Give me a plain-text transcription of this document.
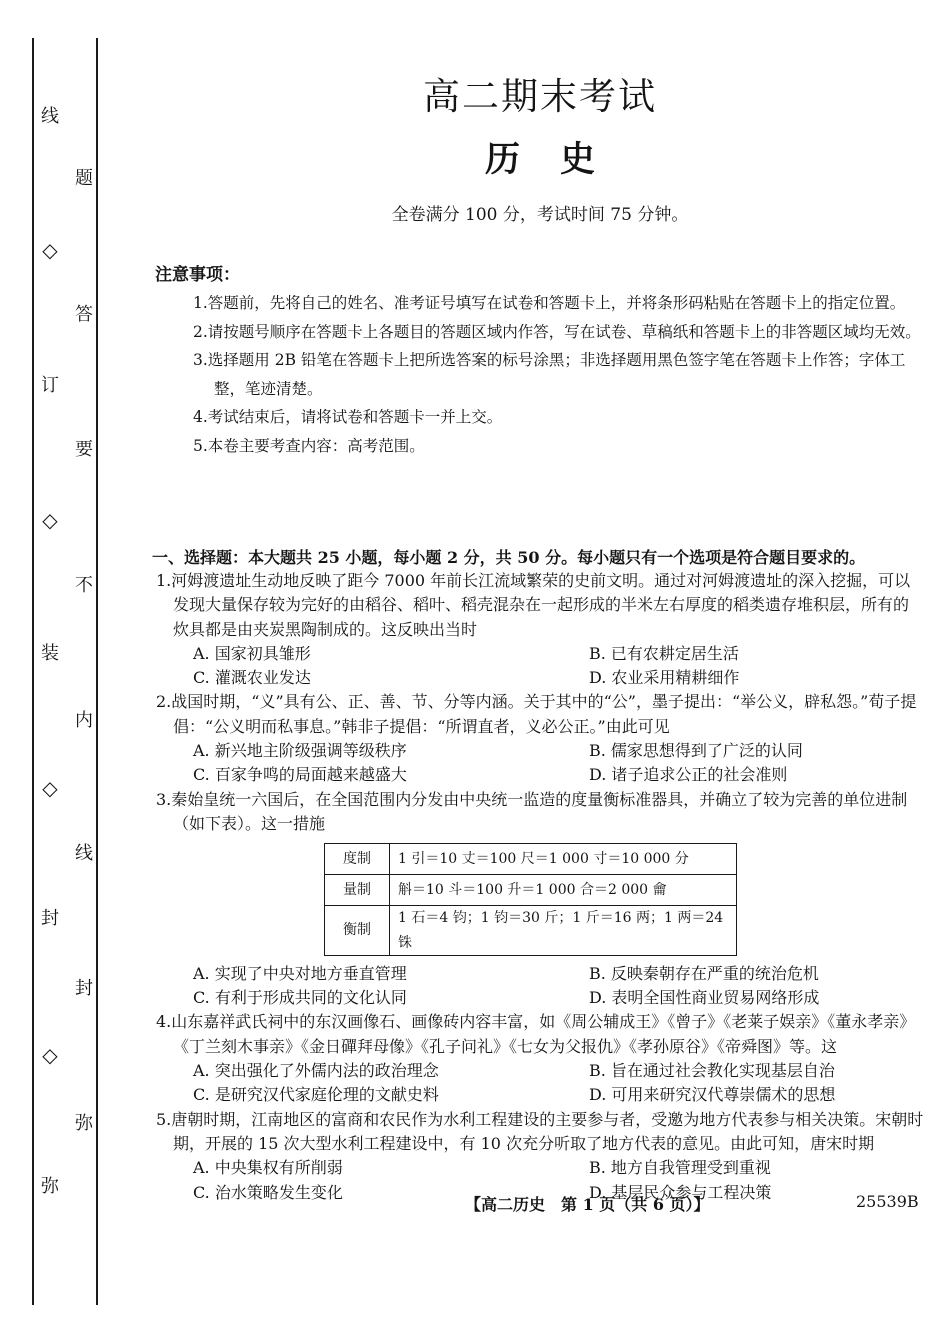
线
◇
订
◇
装
◇
封
◇
弥
题
答
要
不
内
线
封
弥
高二期末考试
历史
全卷满分 100 分，考试时间 75 分钟。
注意事项：

1.答题前，先将自己的姓名、准考证号填写在试卷和答题卡上，并将条形码粘贴在答题卡上的指定位置。

2.请按题号顺序在答题卡上各题目的答题区域内作答，写在试卷、草稿纸和答题卡上的非答题区域均无效。

3.选择题用 2B 铅笔在答题卡上把所选答案的标号涂黑；非选择题用黑色签字笔在答题卡上作答；字体工整，笔迹清楚。

4.考试结束后，请将试卷和答题卡一并上交。

5.本卷主要考查内容：高考范围。

一、选择题：本大题共 25 小题，每小题 2 分，共 50 分。每小题只有一个选项是符合题目要求的。

1.河姆渡遗址生动地反映了距今 7000 年前长江流域繁荣的史前文明。通过对河姆渡遗址的深入挖掘，可以发现大量保存较为完好的由稻谷、稻叶、稻壳混杂在一起形成的半米左右厚度的稻类遗存堆积层，所有的炊具都是由夹炭黑陶制成的。这反映出当时

A. 国家初具雏形	B. 已有农耕定居生活

C. 灌溉农业发达	D. 农业采用精耕细作

2.战国时期，“义”具有公、正、善、节、分等内涵。关于其中的“公”，墨子提出：“举公义，辟私怨。”荀子提倡：“公义明而私事息。”韩非子提倡：“所谓直者，义必公正。”由此可见

A. 新兴地主阶级强调等级秩序	B. 儒家思想得到了广泛的认同

C. 百家争鸣的局面越来越盛大	D. 诸子追求公正的社会准则

3.秦始皇统一六国后，在全国范围内分发由中央统一监造的度量衡标准器具，并确立了较为完善的单位进制（如下表）。这一措施

度制	1 引＝10 丈＝100 尺＝1 000 寸＝10 000 分
量制	斛＝10 斗＝100 升＝1 000 合＝2 000 龠
衡制	1 石＝4 钧；1 钧＝30 斤；1 斤＝16 两；1 两＝24 铢

A. 实现了中央对地方垂直管理	B. 反映秦朝存在严重的统治危机

C. 有利于形成共同的文化认同	D. 表明全国性商业贸易网络形成

4.山东嘉祥武氏祠中的东汉画像石、画像砖内容丰富，如《周公辅成王》《曾子》《老莱子娱亲》《董永孝亲》《丁兰刻木事亲》《金日磾拜母像》《孔子问礼》《七女为父报仇》《孝孙原谷》《帝舜图》等。这

A. 突出强化了外儒内法的政治理念	B. 旨在通过社会教化实现基层自治

C. 是研究汉代家庭伦理的文献史料	D. 可用来研究汉代尊崇儒术的思想

5.唐朝时期，江南地区的富商和农民作为水利工程建设的主要参与者，受邀为地方代表参与相关决策。宋朝时期，开展的 15 次大型水利工程建设中，有 10 次充分听取了地方代表的意见。由此可知，唐宋时期

A. 中央集权有所削弱	B. 地方自我管理受到重视

C. 治水策略发生变化	D. 基层民众参与工程决策

【高二历史　第 1 页（共 6 页）】	25539B
